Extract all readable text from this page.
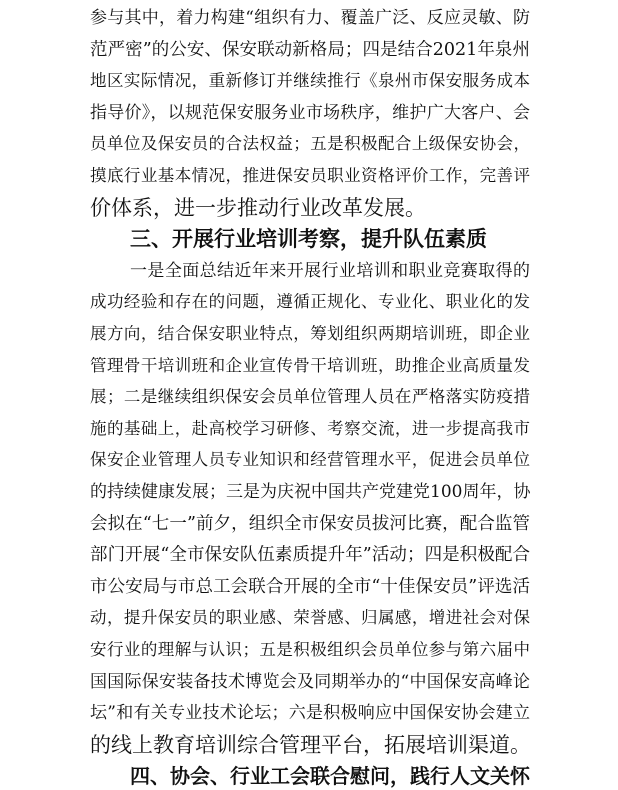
参与其中，着力构建“组织有力、覆盖广泛、反应灵敏、防
范严密”的公安、保安联动新格局；四是结合2021年泉州
地区实际情况，重新修订并继续推行《泉州市保安服务成本
指导价》，以规范保安服务业市场秩序，维护广大客户、会
员单位及保安员的合法权益；五是积极配合上级保安协会，
摸底行业基本情况，推进保安员职业资格评价工作，完善评
价体系，进一步推动行业改革发展。
三、开展行业培训考察，提升队伍素质
一是全面总结近年来开展行业培训和职业竞赛取得的
成功经验和存在的问题，遵循正规化、专业化、职业化的发
展方向，结合保安职业特点，筹划组织两期培训班，即企业
管理骨干培训班和企业宣传骨干培训班，助推企业高质量发
展；二是继续组织保安会员单位管理人员在严格落实防疫措
施的基础上，赴高校学习研修、考察交流，进一步提高我市
保安企业管理人员专业知识和经营管理水平，促进会员单位
的持续健康发展；三是为庆祝中国共产党建党100周年，协
会拟在“七一”前夕，组织全市保安员拔河比赛，配合监管
部门开展“全市保安队伍素质提升年”活动；四是积极配合
市公安局与市总工会联合开展的全市“十佳保安员”评选活
动，提升保安员的职业感、荣誉感、归属感，增进社会对保
安行业的理解与认识；五是积极组织会员单位参与第六届中
国国际保安装备技术博览会及同期举办的“中国保安高峰论
坛”和有关专业技术论坛；六是积极响应中国保安协会建立
的线上教育培训综合管理平台，拓展培训渠道。
四、协会、行业工会联合慰问，践行人文关怀
